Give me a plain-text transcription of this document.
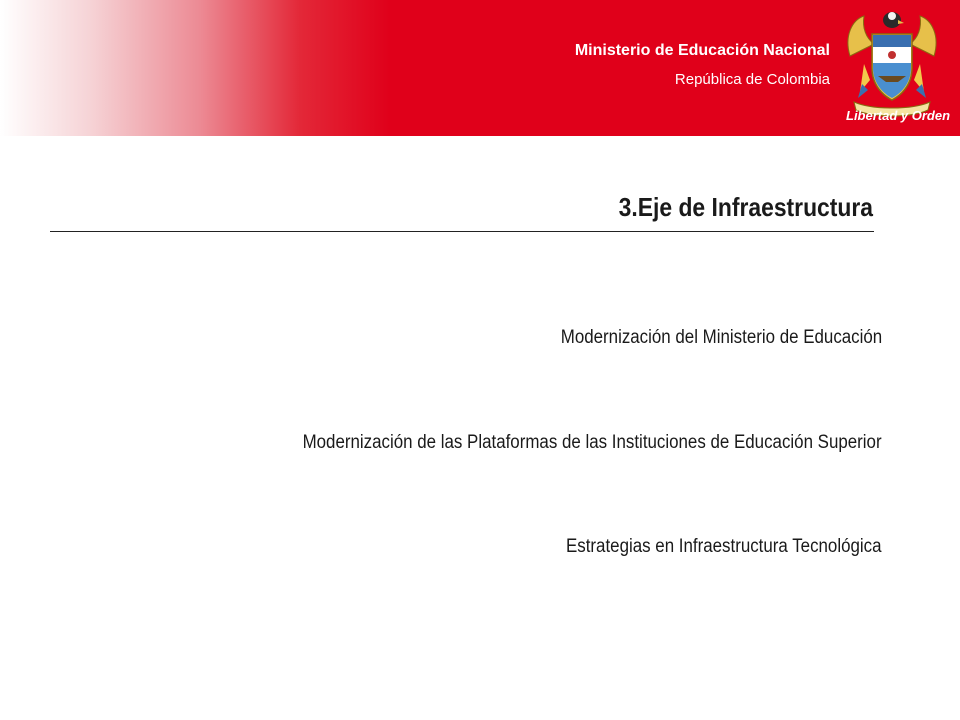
Ministerio de Educación Nacional
República de Colombia
Libertad y Orden
3.Eje de Infraestructura
Modernización del Ministerio de Educación
Modernización de las Plataformas de las Instituciones de Educación Superior
Estrategias en Infraestructura Tecnológica
